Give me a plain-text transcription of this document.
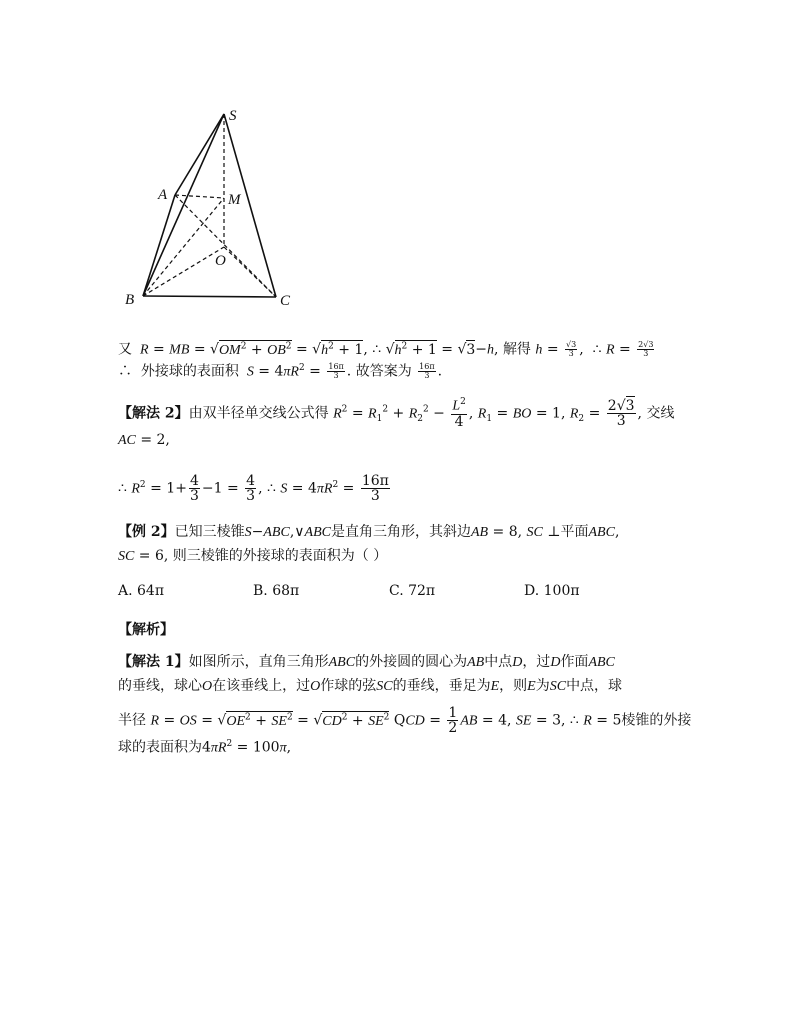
S
A	M
O
B	C
又  R = MB = $√OM^2 + OB^2 = √h^2 + 1$, ∴ $√h^2 + 1 = √3-h$, 解得 $h = \frac{√3}{3}$ ,  ∴ $R = \frac{2√3}{3}$
∴  外接球的表面积  $S = 4\pi R^2 = \frac{16\pi}{3}$ . 故答案为 $\frac{16\pi}{3}$ .
【解法 2】由双半径单交线公式得 $R^2 = R_1^2 + R_2^2 - \frac{L^2}{4}$ , $R_1$ = BO = 1, $R_2 = \frac{2√3}{3}$ , 交线
AC = 2,
∴ $R^2 = 1+ \frac{4}{3} -1 = \frac{4}{3}$ , ∴ $S = 4\pi R^2 = \frac{16\pi}{3}$
【例 2】已知三棱锥S−ABC,∨ABC是直角三角形，其斜边AB = 8, SC ⊥平面ABC,
SC = 6, 则三棱锥的外接球的表面积为（ ）
A. 64π	B. 68π	C. 72π	D. 100π
【解析】
【解法 1】如图所示，直角三角形ABC的外接圆的圆心为AB中点D，过D作面ABC
的垂线，球心O在该垂线上，过O作球的弦SC的垂线，垂足为E，则E为SC中点，球
半径 R = OS = $√OE^2 + SE^2 = √CD^2 + SE^2$ QCD = $\frac{1}{2}$ AB = 4, SE = 3, ∴ R = 5棱锥的外接
球的表面积为$4\pi R^2 = 100\pi$,
